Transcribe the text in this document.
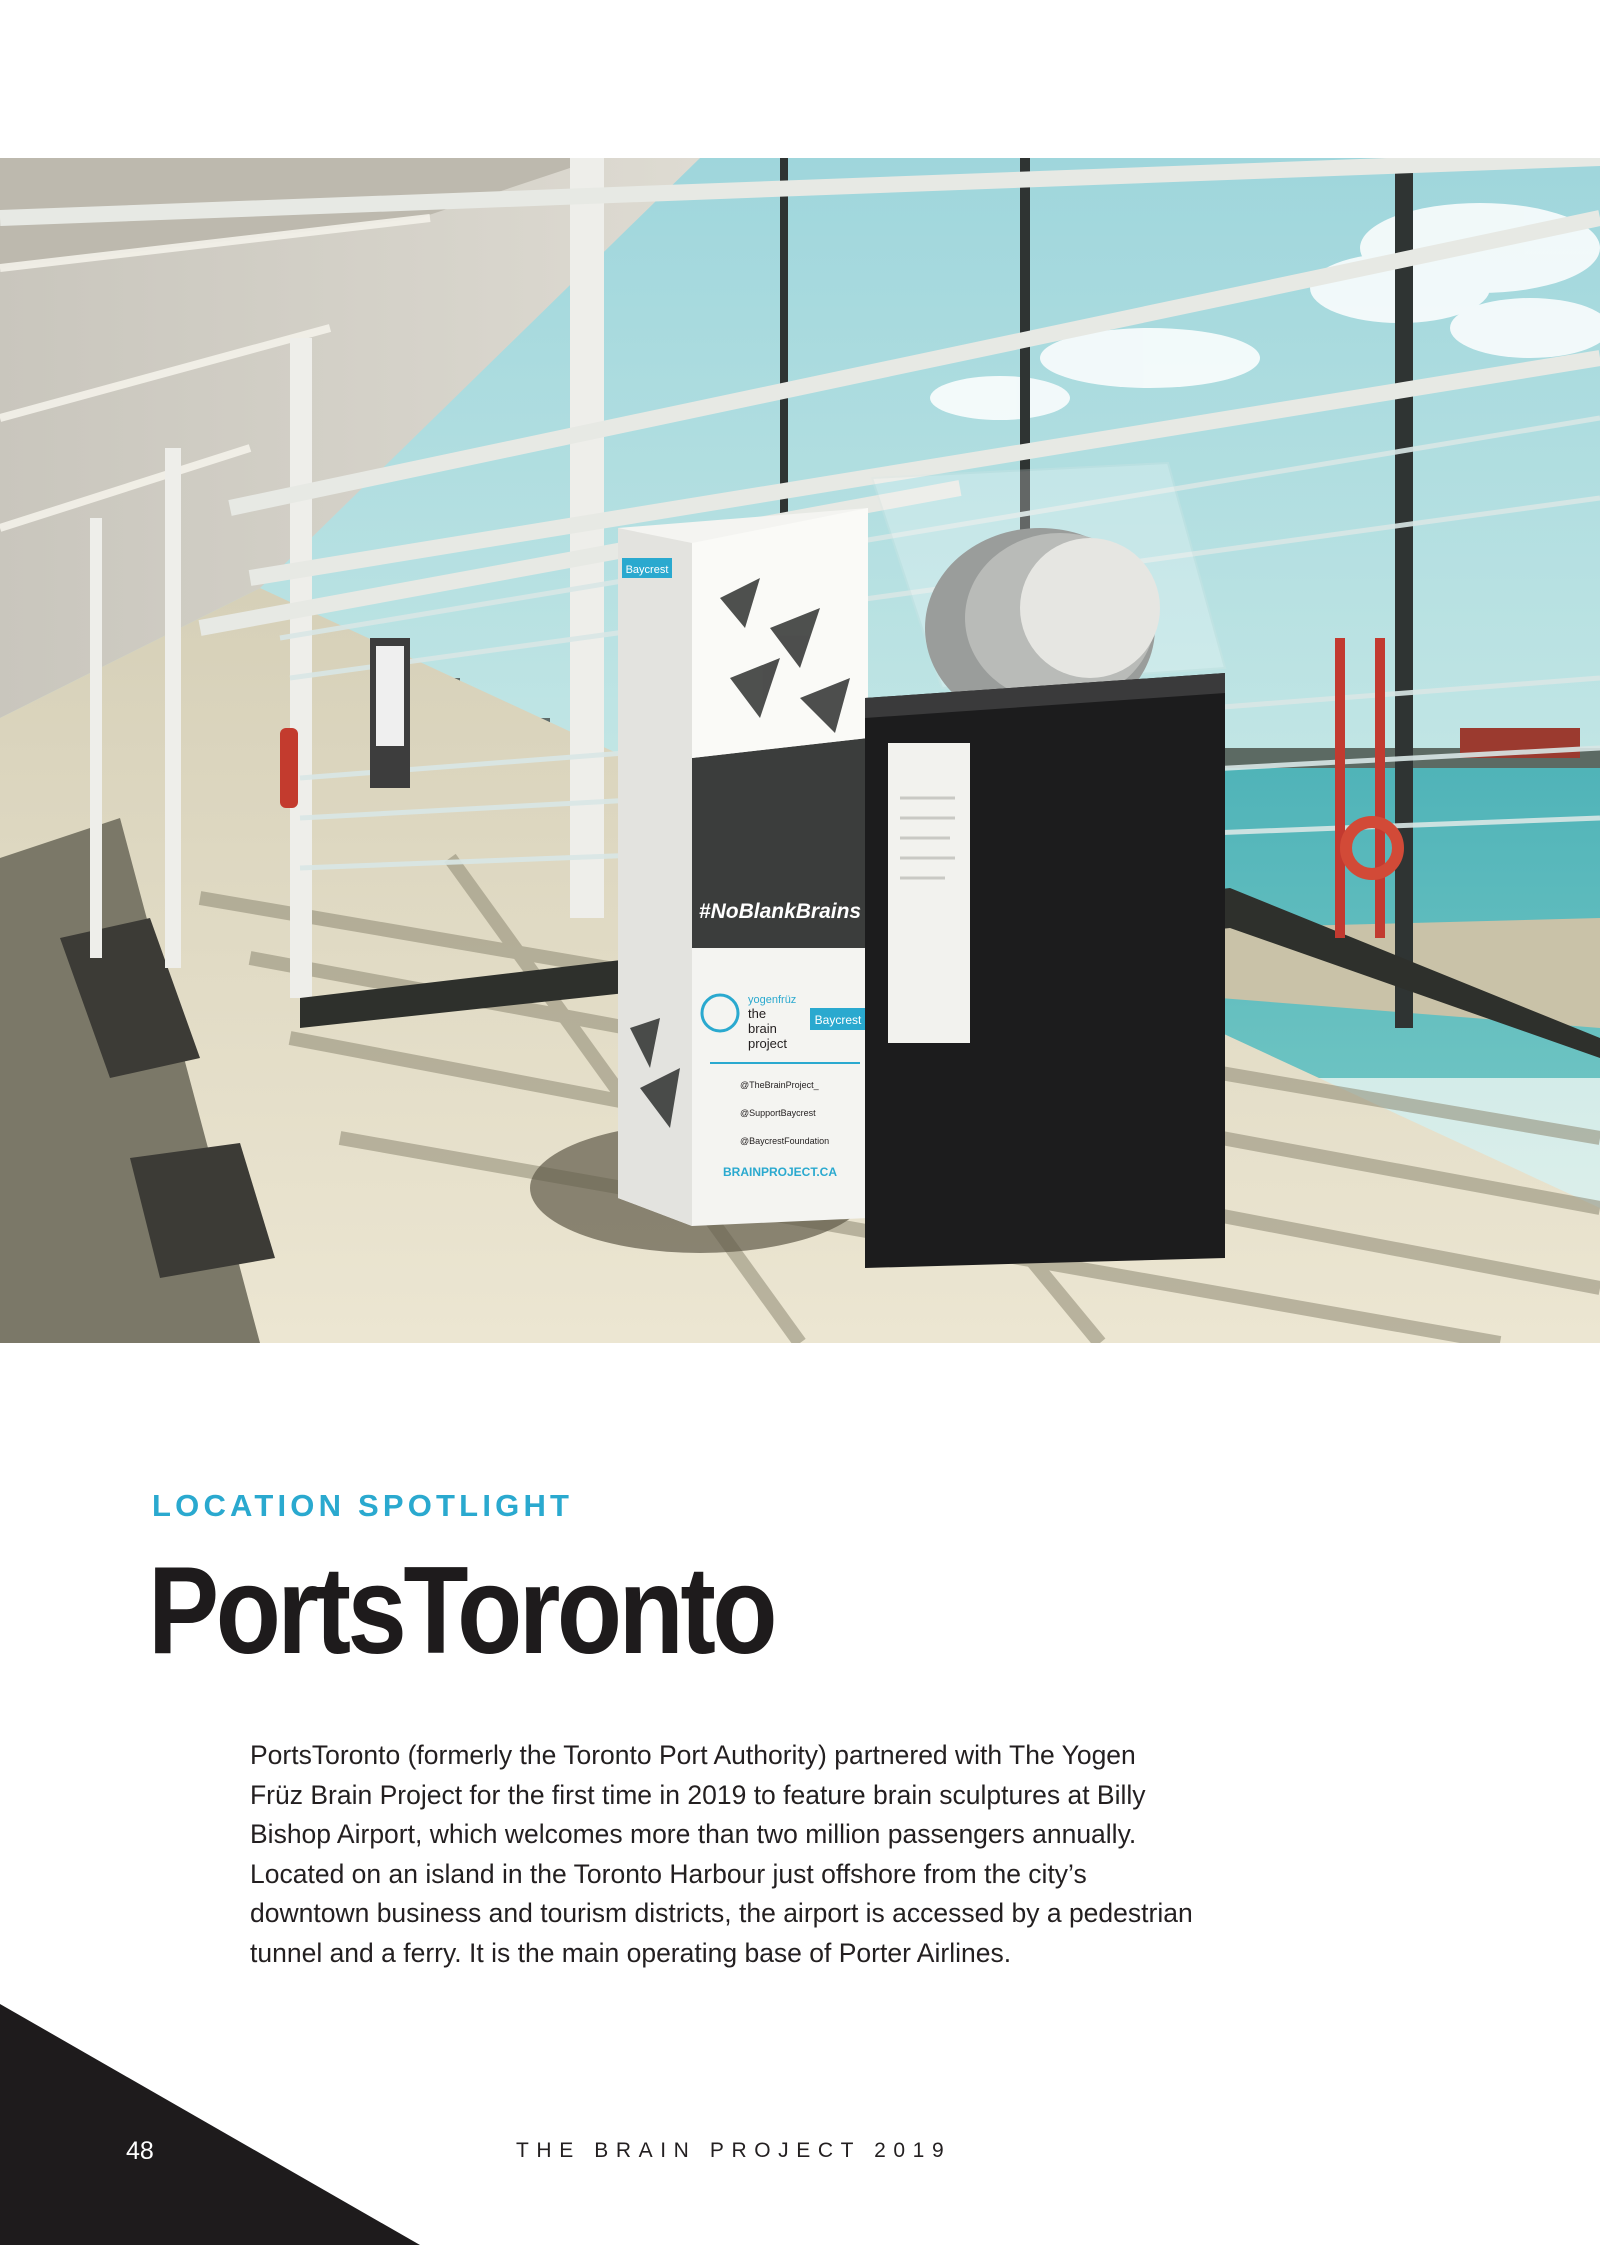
Baycrest
#NoBlankBrains
yogenfrüz
the
brain
project
Baycrest
@TheBrainProject_
@SupportBaycrest
@BaycrestFoundation
BRAINPROJECT.CA
LOCATION SPOTLIGHT
PortsToronto

PortsToronto (formerly the Toronto Port Authority) partnered with The Yogen

Früz Brain Project for the first time in 2019 to feature brain sculptures at Billy

Bishop Airport, which welcomes more than two million passengers annually.

Located on an island in the Toronto Harbour just offshore from the city’s

downtown business and tourism districts, the airport is accessed by a pedestrian

tunnel and a ferry. It is the main operating base of Porter Airlines.

48	THE BRAIN PROJECT 2019
